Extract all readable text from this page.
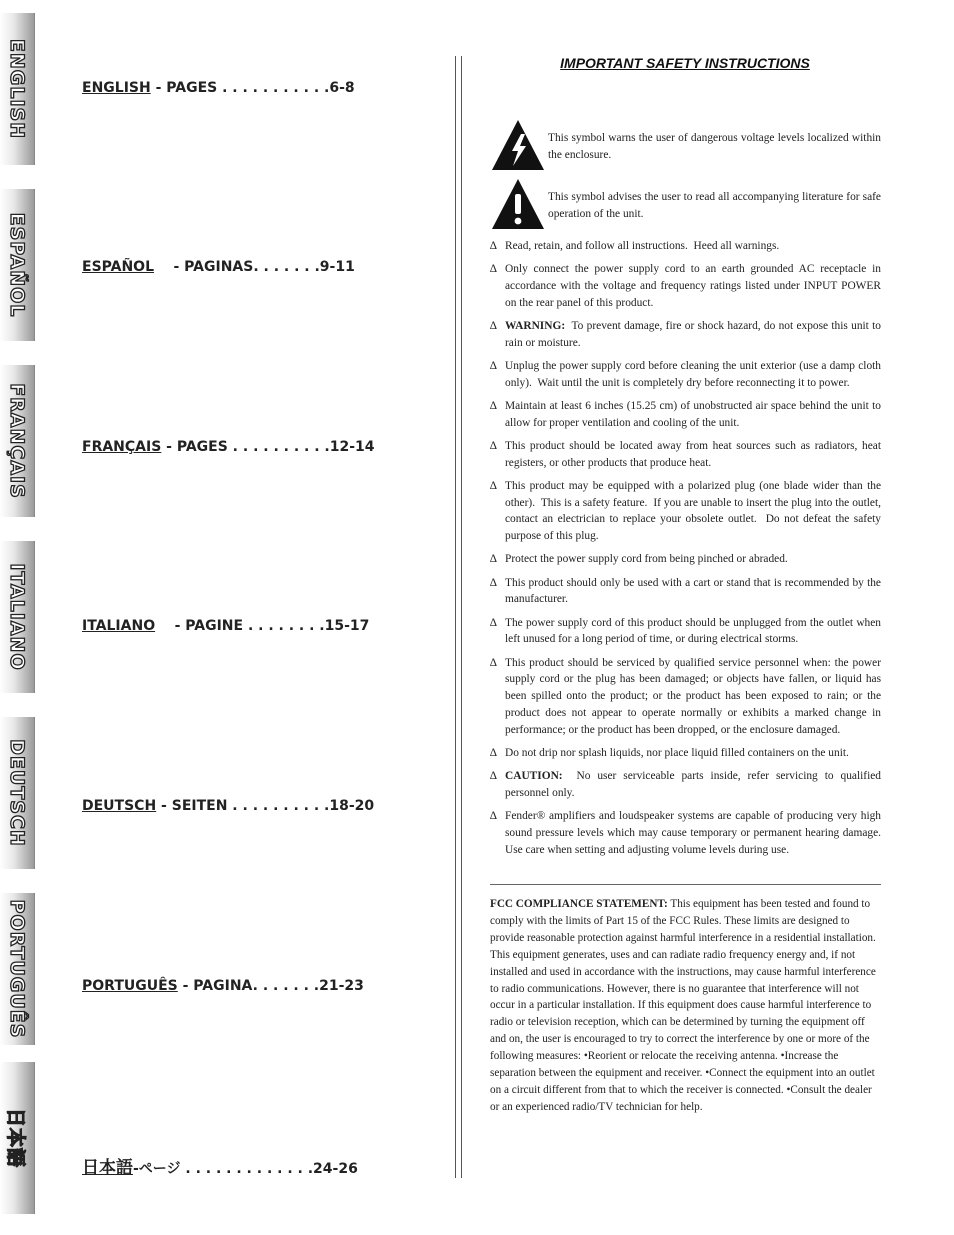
ENGLISH
ESPAÑOL
FRANÇAIS
ITALIANO
DEUTSCH
PORTUGUÊS
日本語
ENGLISH - PAGES . . . . . . . . . . .6-8
ESPAÑOL    - PAGINAS. . . . . . .9-11
FRANÇAIS - PAGES . . . . . . . . . .12-14
ITALIANO    - PAGINE . . . . . . . .15-17
DEUTSCH - SEITEN . . . . . . . . . .18-20
PORTUGUÊS - PAGINA. . . . . . .21-23
日本語-ページ . . . . . . . . . . . . .24-26
IMPORTANT SAFETY INSTRUCTIONS
This symbol warns the user of dangerous voltage levels localized within the enclosure.
This symbol advises the user to read all accompanying literature for safe operation of the unit.
∆ Read, retain, and follow all instructions.  Heed all warnings.
∆ Only connect the power supply cord to an earth grounded AC receptacle in accordance with the voltage and frequency ratings listed under INPUT POWER on the rear panel of this product.
∆ WARNING:  To prevent damage, fire or shock hazard, do not expose this unit to rain or moisture.
∆ Unplug the power supply cord before cleaning the unit exterior (use a damp cloth only).  Wait until the unit is completely dry before reconnecting it to power.
∆ Maintain at least 6 inches (15.25 cm) of unobstructed air space behind the unit to allow for proper ventilation and cooling of the unit.
∆ This product should be located away from heat sources such as radiators, heat registers, or other products that produce heat.
∆ This product may be equipped with a polarized plug (one blade wider than the other).  This is a safety feature.  If you are unable to insert the plug into the outlet, contact an electrician to replace your obsolete outlet.  Do not defeat the safety purpose of this plug.
∆ Protect the power supply cord from being pinched or abraded.
∆ This product should only be used with a cart or stand that is recommended by the manufacturer.
∆ The power supply cord of this product should be unplugged from the outlet when left unused for a long period of time, or during electrical storms.
∆ This product should be serviced by qualified service personnel when: the power supply cord or the plug has been damaged; or objects have fallen, or liquid has been spilled onto the product; or the product has been exposed to rain; or the product does not appear to operate normally or exhibits a marked change in performance; or the product has been dropped, or the enclosure damaged.
∆ Do not drip nor splash liquids, nor place liquid filled containers on the unit.
∆ CAUTION:  No user serviceable parts inside, refer servicing to qualified personnel only.
∆ Fender® amplifiers and loudspeaker systems are capable of producing very high sound pressure levels which may cause temporary or permanent hearing damage.  Use care when setting and adjusting volume levels during use.
FCC COMPLIANCE STATEMENT: This equipment has been tested and found to comply with the limits of Part 15 of the FCC Rules. These limits are designed to provide reasonable protection against harmful interference in a residential installation. This equipment generates, uses and can radiate radio frequency energy and, if not installed and used in accordance with the instructions, may cause harmful interference to radio communications. However, there is no guarantee that interference will not occur in a particular installation. If this equipment does cause harmful interference to radio or television reception, which can be determined by turning the equipment off and on, the user is encouraged to try to correct the interference by one or more of the following measures: •Reorient or relocate the receiving antenna. •Increase the separation between the equipment and receiver. •Connect the equipment into an outlet on a circuit different from that to which the receiver is connected. •Consult the dealer or an experienced radio/TV technician for help.
